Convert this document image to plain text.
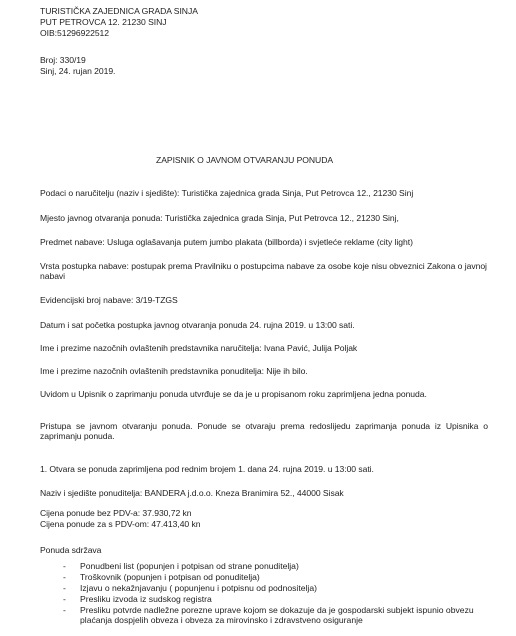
TURISTIČKA ZAJEDNICA GRADA SINJA
PUT PETROVCA 12. 21230 SINJ
OIB:51296922512
Broj: 330/19
Sinj, 24. rujan 2019.
ZAPISNIK O JAVNOM OTVARANJU PONUDA
Podaci o naručitelju (naziv i sjedište): Turistička zajednica grada Sinja, Put Petrovca 12., 21230 Sinj
Mjesto javnog otvaranja ponuda: Turistička zajednica grada Sinja, Put Petrovca 12., 21230 Sinj,
Predmet nabave: Usluga oglašavanja putem jumbo plakata (billborda) i svjetleće reklame (city light)
Vrsta postupka nabave: postupak prema Pravilniku o postupcima nabave za osobe koje nisu obveznici Zakona o javnoj nabavi
Evidencijski broj nabave: 3/19-TZGS
Datum i sat početka postupka javnog otvaranja ponuda 24. rujna 2019. u 13:00 sati.
Ime i prezime nazočnih ovlaštenih predstavnika naručitelja: Ivana Pavić, Julija Poljak
Ime i prezime nazočnih ovlaštenih predstavnika ponuditelja: Nije ih bilo.
Uvidom u Upisnik o zaprimanju ponuda utvrđuje se da je u propisanom roku zaprimljena jedna ponuda.
Pristupa se javnom otvaranju ponuda. Ponude se otvaraju prema redoslijedu zaprimanja ponuda iz Upisnika o zaprimanju ponuda.
1. Otvara se ponuda zaprimljena pod rednim brojem 1. dana 24. rujna 2019. u 13:00 sati.
Naziv i sjedište ponuditelja: BANDERA j.d.o.o. Kneza Branimira 52., 44000 Sisak
Cijena ponude bez PDV-a: 37.930,72 kn
Cijena ponude za s PDV-om: 47.413,40 kn
Ponuda sdržava
- Ponudbeni list (popunjen i potpisan od strane ponuditelja)
- Troškovnik (popunjen i potpisan od ponuditelja)
- Izjavu o nekažnjavanju ( popunjenu i potpisnu od podnositelja)
- Presliku izvoda iz sudskog registra
- Presliku potvrde nadležne porezne uprave kojom se dokazuje da je gospodarski subjekt ispunio obvezu plaćanja dospjelih obveza i obveza za mirovinsko i zdravstveno osiguranje
